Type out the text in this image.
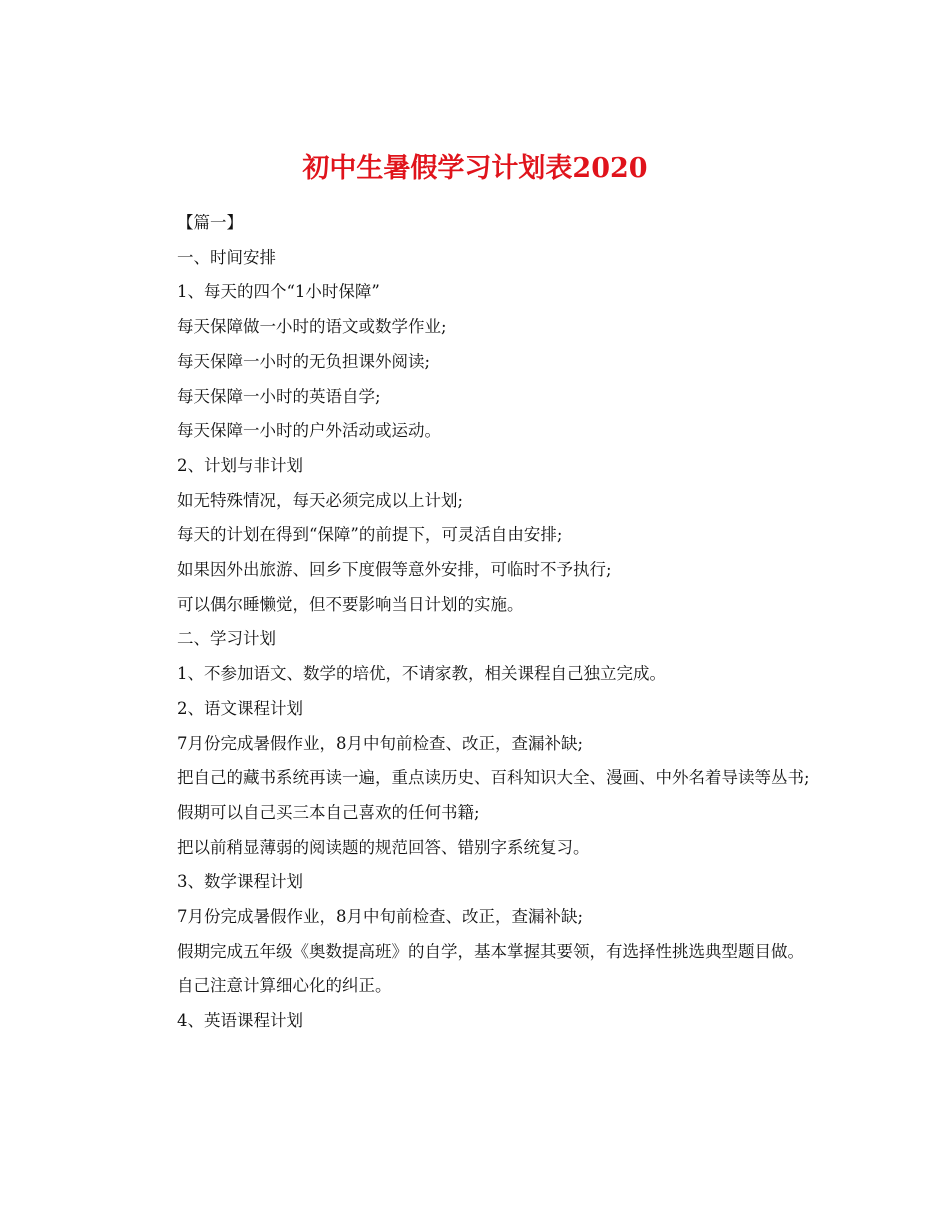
初中生暑假学习计划表2020

【篇一】

一、时间安排

1、每天的四个“1小时保障”

每天保障做一小时的语文或数学作业;

每天保障一小时的无负担课外阅读;

每天保障一小时的英语自学;

每天保障一小时的户外活动或运动。

2、计划与非计划

如无特殊情况，每天必须完成以上计划;

每天的计划在得到“保障”的前提下，可灵活自由安排;

如果因外出旅游、回乡下度假等意外安排，可临时不予执行;

可以偶尔睡懒觉，但不要影响当日计划的实施。

二、学习计划

1、不参加语文、数学的培优，不请家教，相关课程自己独立完成。

2、语文课程计划

7月份完成暑假作业，8月中旬前检查、改正，查漏补缺;

把自己的藏书系统再读一遍，重点读历史、百科知识大全、漫画、中外名着导读等丛书;

假期可以自己买三本自己喜欢的任何书籍;

把以前稍显薄弱的阅读题的规范回答、错别字系统复习。

3、数学课程计划

7月份完成暑假作业，8月中旬前检查、改正，查漏补缺;

假期完成五年级《奥数提高班》的自学，基本掌握其要领，有选择性挑选典型题目做。

自己注意计算细心化的纠正。

4、英语课程计划
